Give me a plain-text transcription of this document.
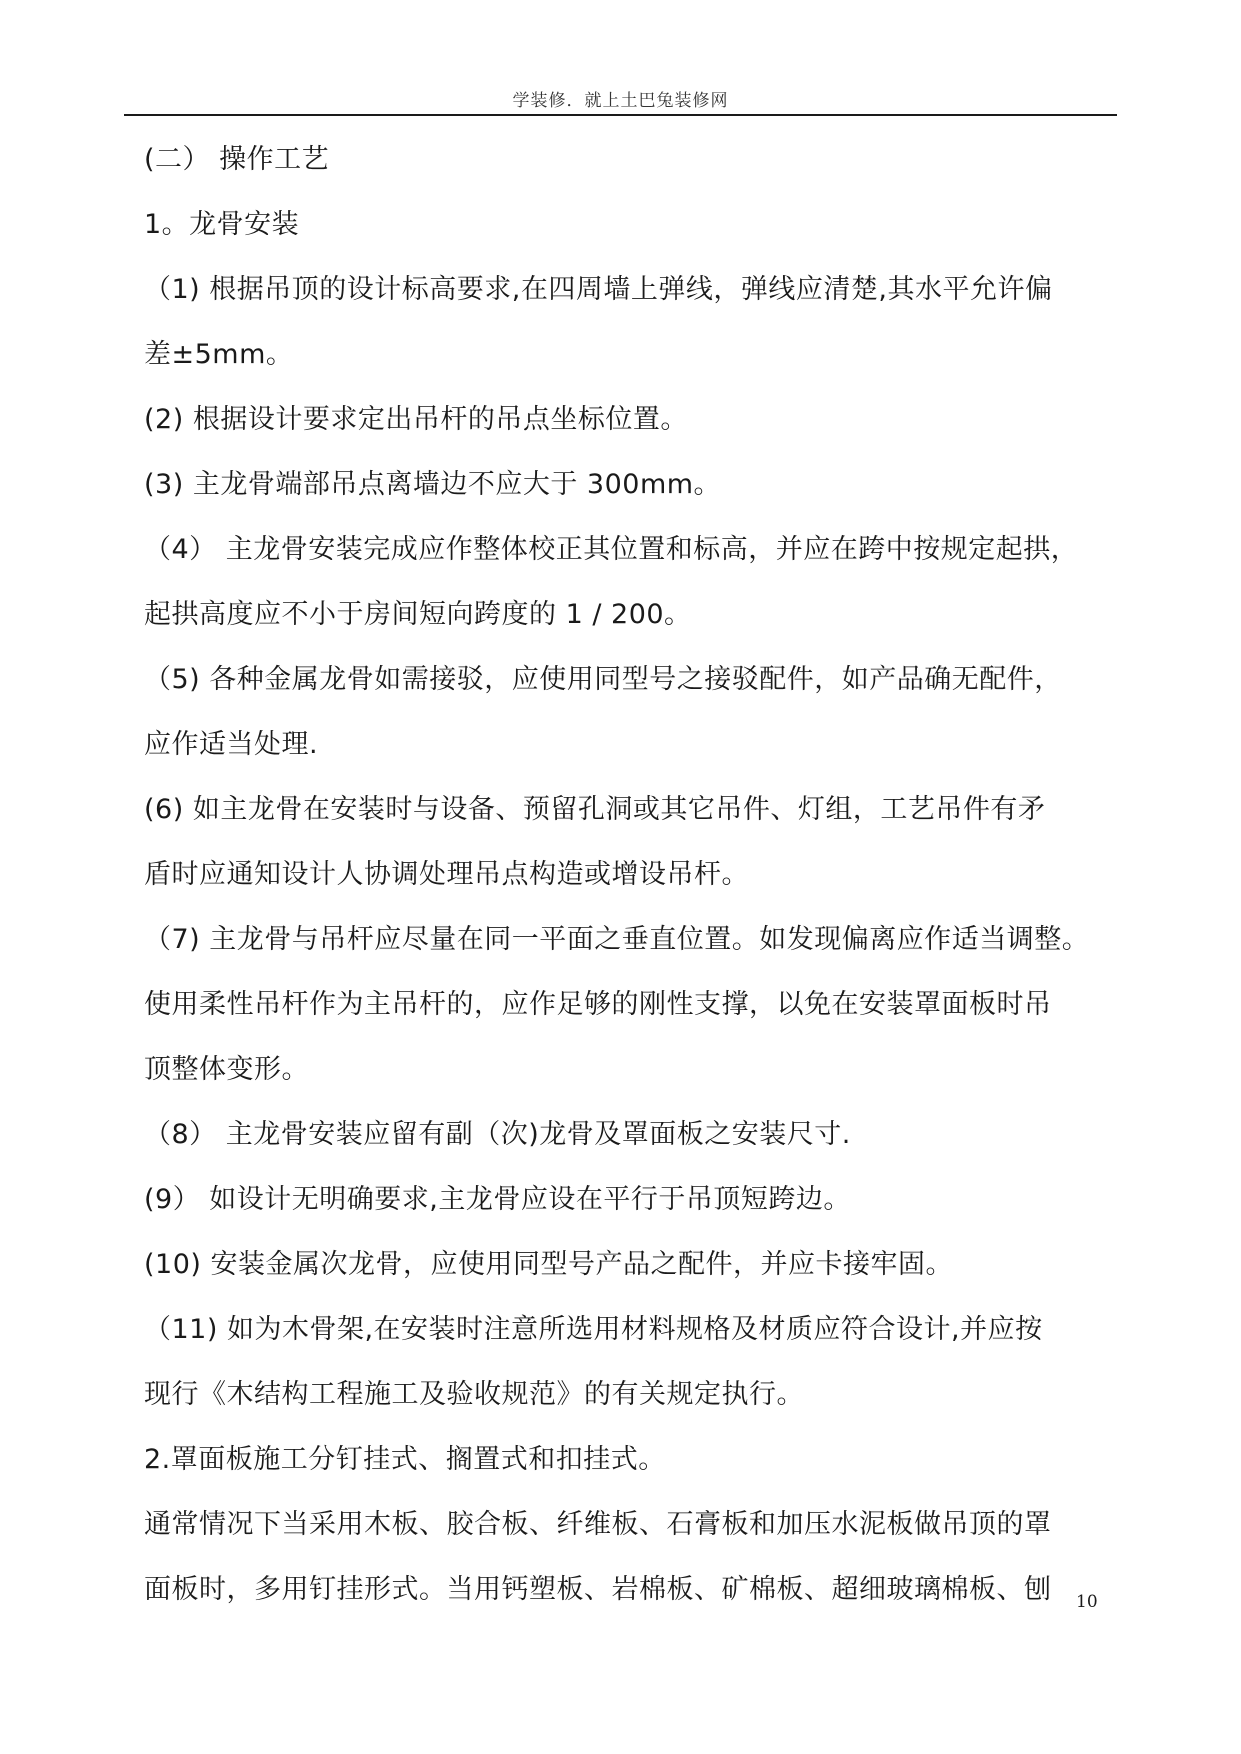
学装修．就上土巴兔装修网
(二） 操作工艺
1。龙骨安装
（1) 根据吊顶的设计标高要求,在四周墙上弹线，弹线应清楚,其水平允许偏
差±5mm。
(2) 根据设计要求定出吊杆的吊点坐标位置。
(3) 主龙骨端部吊点离墙边不应大于 300mm。
（4） 主龙骨安装完成应作整体校正其位置和标高，并应在跨中按规定起拱，
起拱高度应不小于房间短向跨度的 1 / 200。
（5) 各种金属龙骨如需接驳，应使用同型号之接驳配件，如产品确无配件，
应作适当处理.
(6) 如主龙骨在安装时与设备、预留孔洞或其它吊件、灯组，工艺吊件有矛
盾时应通知设计人协调处理吊点构造或增设吊杆。
（7) 主龙骨与吊杆应尽量在同一平面之垂直位置。如发现偏离应作适当调整。
使用柔性吊杆作为主吊杆的，应作足够的刚性支撑，以免在安装罩面板时吊
顶整体变形。
（8） 主龙骨安装应留有副（次)龙骨及罩面板之安装尺寸.
(9） 如设计无明确要求,主龙骨应设在平行于吊顶短跨边。
(10) 安装金属次龙骨，应使用同型号产品之配件，并应卡接牢固。
（11) 如为木骨架,在安装时注意所选用材料规格及材质应符合设计,并应按
现行《木结构工程施工及验收规范》的有关规定执行。
2.罩面板施工分钉挂式、搁置式和扣挂式。
通常情况下当采用木板、胶合板、纤维板、石膏板和加压水泥板做吊顶的罩
面板时，多用钉挂形式。当用钙塑板、岩棉板、矿棉板、超细玻璃棉板、刨	10
